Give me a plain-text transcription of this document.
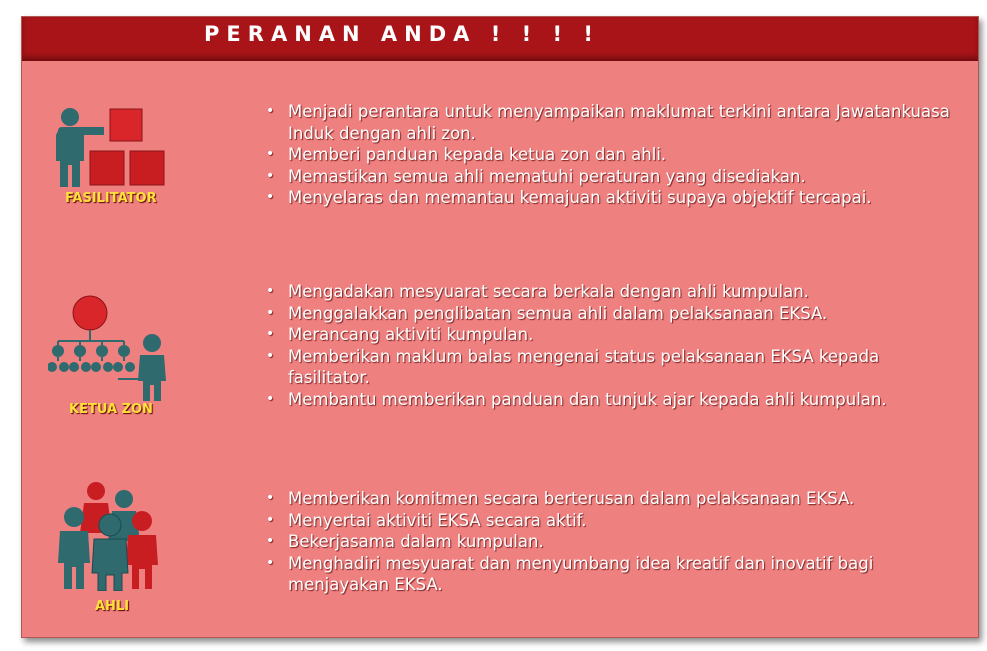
PERANAN ANDA ! ! ! !
FASILITATOR
• Menjadi perantara untuk menyampaikan maklumat terkini antara Jawatankuasa Induk dengan ahli zon.
• Memberi panduan kepada ketua zon dan ahli.
• Memastikan semua ahli mematuhi peraturan yang disediakan.
• Menyelaras dan memantau kemajuan aktiviti supaya objektif tercapai.
KETUA ZON
• Mengadakan mesyuarat secara berkala dengan ahli kumpulan.
• Menggalakkan penglibatan semua ahli dalam pelaksanaan EKSA.
• Merancang aktiviti kumpulan.
• Memberikan maklum balas mengenai status pelaksanaan EKSA kepada fasilitator.
• Membantu memberikan panduan dan tunjuk ajar kepada ahli kumpulan.
AHLI
• Memberikan komitmen secara berterusan dalam pelaksanaan EKSA.
• Menyertai aktiviti EKSA secara aktif.
• Bekerjasama dalam kumpulan.
• Menghadiri mesyuarat dan menyumbang idea kreatif dan inovatif bagi menjayakan EKSA.
